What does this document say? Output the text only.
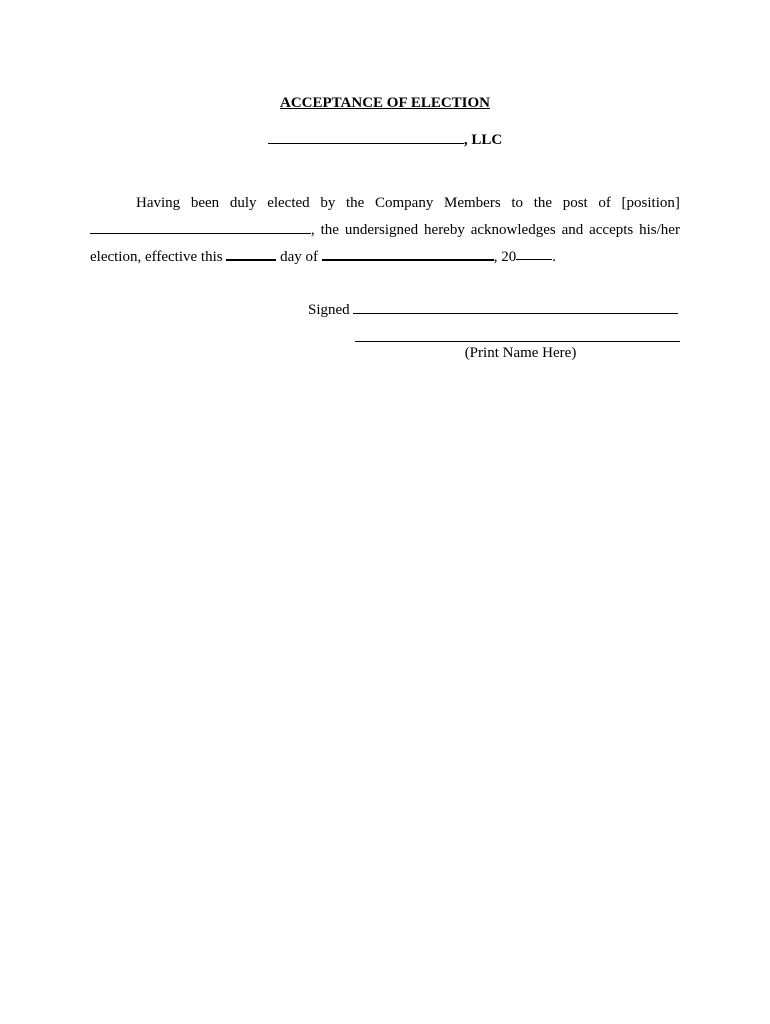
ACCEPTANCE OF ELECTION
, LLC
Having been duly elected by the Company Members to the post of [position]
, the undersigned hereby acknowledges and accepts his/her
election, effective this

	day of
	, 20 .
Signed
(Print Name Here)
